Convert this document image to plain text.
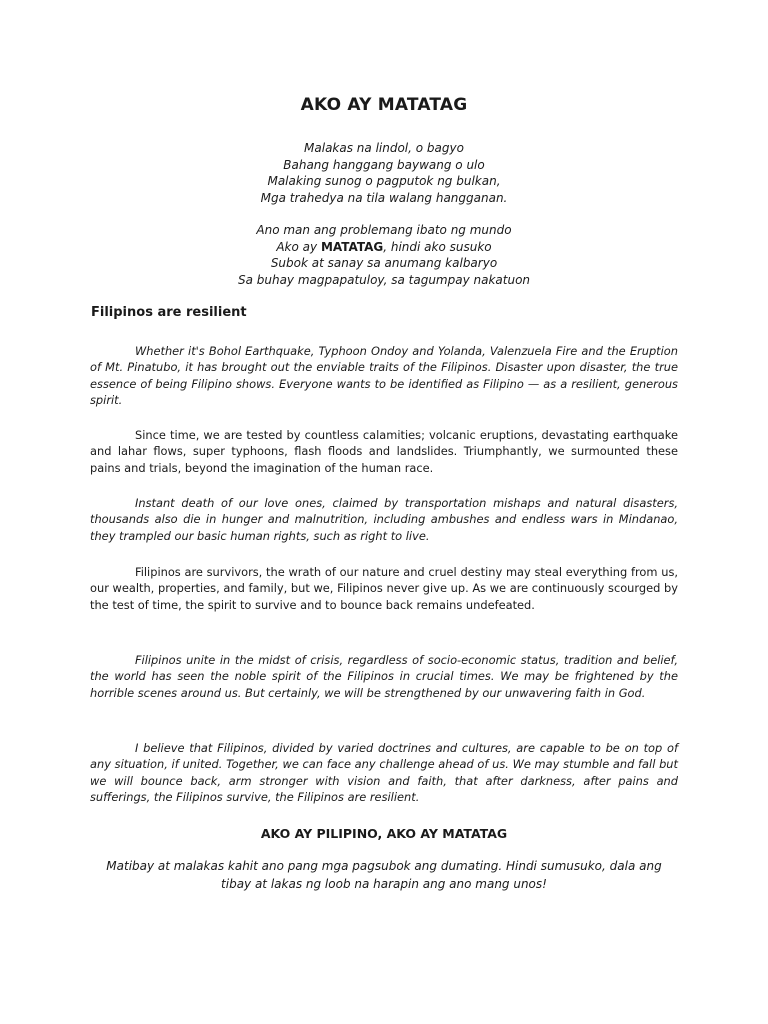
AKO AY MATATAG
Malakas na lindol, o bagyo
Bahang hanggang baywang o ulo
Malaking sunog o pagputok ng bulkan,
Mga trahedya na tila walang hangganan.
Ano man ang problemang ibato ng mundo
Ako ay MATATAG, hindi ako susuko
Subok at sanay sa anumang kalbaryo
Sa buhay magpapatuloy, sa tagumpay nakatuon
Filipinos are resilient
Whether it's Bohol Earthquake, Typhoon Ondoy and Yolanda, Valenzuela Fire and the Eruption of Mt. Pinatubo, it has brought out the enviable traits of the Filipinos. Disaster upon disaster, the true essence of being Filipino shows. Everyone wants to be identified as Filipino — as a resilient, generous spirit.
Since time, we are tested by countless calamities; volcanic eruptions, devastating earthquake and lahar flows, super typhoons, flash floods and landslides. Triumphantly, we surmounted these pains and trials, beyond the imagination of the human race.
Instant death of our love ones, claimed by transportation mishaps and natural disasters, thousands also die in hunger and malnutrition, including ambushes and endless wars in Mindanao, they trampled our basic human rights, such as right to live.
Filipinos are survivors, the wrath of our nature and cruel destiny may steal everything from us, our wealth, properties, and family, but we, Filipinos never give up. As we are continuously scourged by the test of time, the spirit to survive and to bounce back remains undefeated.
Filipinos unite in the midst of crisis, regardless of socio-economic status, tradition and belief, the world has seen the noble spirit of the Filipinos in crucial times. We may be frightened by the horrible scenes around us. But certainly, we will be strengthened by our unwavering faith in God.
I believe that Filipinos, divided by varied doctrines and cultures, are capable to be on top of any situation, if united. Together, we can face any challenge ahead of us. We may stumble and fall but we will bounce back, arm stronger with vision and faith, that after darkness, after pains and sufferings, the Filipinos survive, the Filipinos are resilient.
AKO AY PILIPINO, AKO AY MATATAG
Matibay at malakas kahit ano pang mga pagsubok ang dumating. Hindi sumusuko, dala ang tibay at lakas ng loob na harapin ang ano mang unos!
